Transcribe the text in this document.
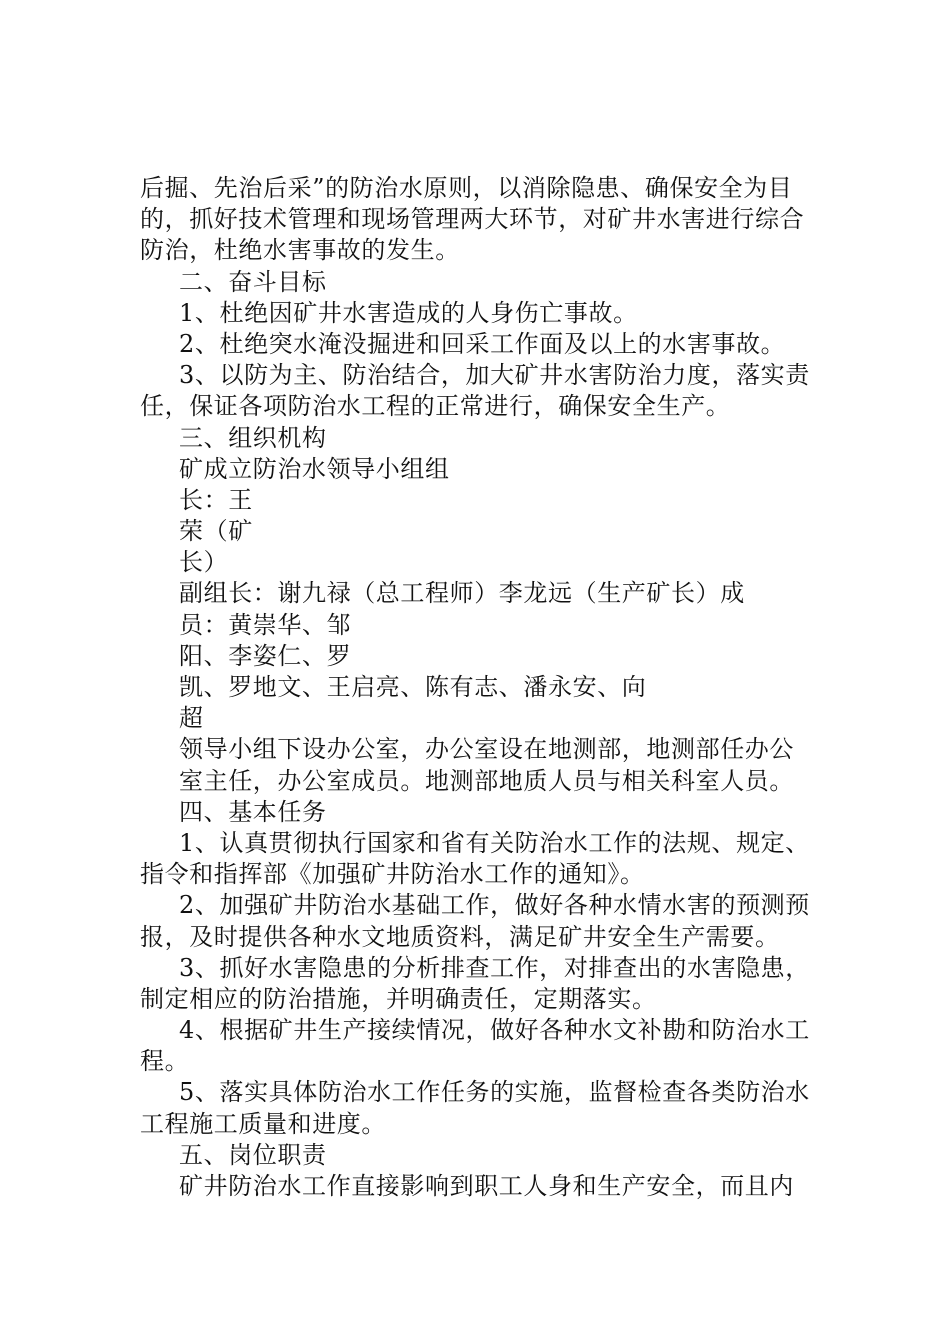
后掘、先治后采”的防治水原则，以消除隐患、确保安全为目
的，抓好技术管理和现场管理两大环节，对矿井水害进行综合
防治，杜绝水害事故的发生。
二、奋斗目标
1、杜绝因矿井水害造成的人身伤亡事故。
2、杜绝突水淹没掘进和回采工作面及以上的水害事故。
3、以防为主、防治结合，加大矿井水害防治力度，落实责
任，保证各项防治水工程的正常进行，确保安全生产。
三、组织机构
矿成立防治水领导小组组
长：王
荣（矿
长）
副组长：谢九禄（总工程师）李龙远（生产矿长）成
员：黄崇华、邹
阳、李姿仁、罗
凯、罗地文、王启亮、陈有志、潘永安、向
超
领导小组下设办公室，办公室设在地测部，地测部任办公
室主任，办公室成员。地测部地质人员与相关科室人员。
四、基本任务
1、认真贯彻执行国家和省有关防治水工作的法规、规定、
指令和指挥部《加强矿井防治水工作的通知》。
2、加强矿井防治水基础工作，做好各种水情水害的预测预
报，及时提供各种水文地质资料，满足矿井安全生产需要。
3、抓好水害隐患的分析排查工作，对排查出的水害隐患，
制定相应的防治措施，并明确责任，定期落实。
4、根据矿井生产接续情况，做好各种水文补勘和防治水工
程。
5、落实具体防治水工作任务的实施，监督检查各类防治水
工程施工质量和进度。
五、岗位职责
矿井防治水工作直接影响到职工人身和生产安全，而且内
